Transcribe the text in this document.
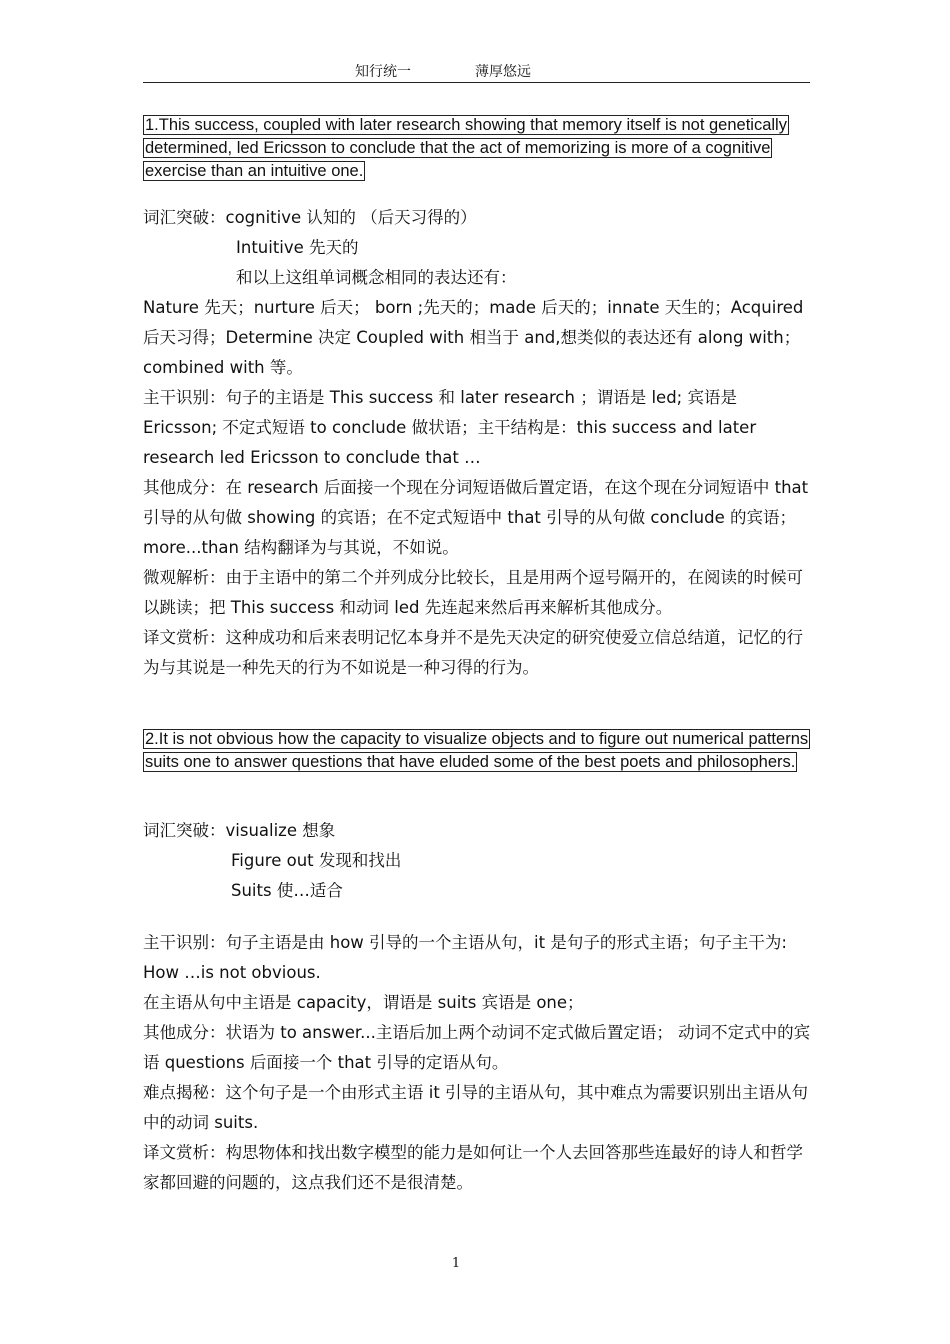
知行统一	薄厚悠远
1.This success, coupled with later research showing that memory itself is not genetically determined, led Ericsson to conclude that the act of memorizing is more of a cognitive exercise than an intuitive one.

词汇突破：cognitive 认知的 （后天习得的）

Intuitive 先天的

和以上这组单词概念相同的表达还有：

Nature 先天；nurture 后天； born ;先天的；made 后天的；innate 天生的；Acquired 后天习得；Determine 决定 Coupled with 相当于 and,想类似的表达还有 along with；combined with 等。

主干识别：句子的主语是 This success 和 later research ；谓语是 led; 宾语是 Ericsson; 不定式短语 to conclude 做状语；主干结构是：this success and later research led Ericsson to conclude that …

其他成分：在 research 后面接一个现在分词短语做后置定语，在这个现在分词短语中 that 引导的从句做 showing 的宾语；在不定式短语中 that 引导的从句做 conclude 的宾语；more...than 结构翻译为与其说，不如说。

微观解析：由于主语中的第二个并列成分比较长，且是用两个逗号隔开的，在阅读的时候可以跳读；把 This success 和动词 led 先连起来然后再来解析其他成分。

译文赏析：这种成功和后来表明记忆本身并不是先天决定的研究使爱立信总结道，记忆的行为与其说是一种先天的行为不如说是一种习得的行为。

2.It is not obvious how the capacity to visualize objects and to figure out numerical patterns suits one to answer questions that have eluded some of the best poets and philosophers.

词汇突破：visualize 想象

Figure out 发现和找出

Suits 使…适合

主干识别：句子主语是由 how 引导的一个主语从句，it 是句子的形式主语；句子主干为: How …is not obvious.

在主语从句中主语是 capacity，谓语是 suits 宾语是 one；

其他成分：状语为 to answer...主语后加上两个动词不定式做后置定语； 动词不定式中的宾语 questions 后面接一个 that 引导的定语从句。

难点揭秘：这个句子是一个由形式主语 it 引导的主语从句，其中难点为需要识别出主语从句中的动词 suits.

译文赏析：构思物体和找出数字模型的能力是如何让一个人去回答那些连最好的诗人和哲学家都回避的问题的，这点我们还不是很清楚。

1
